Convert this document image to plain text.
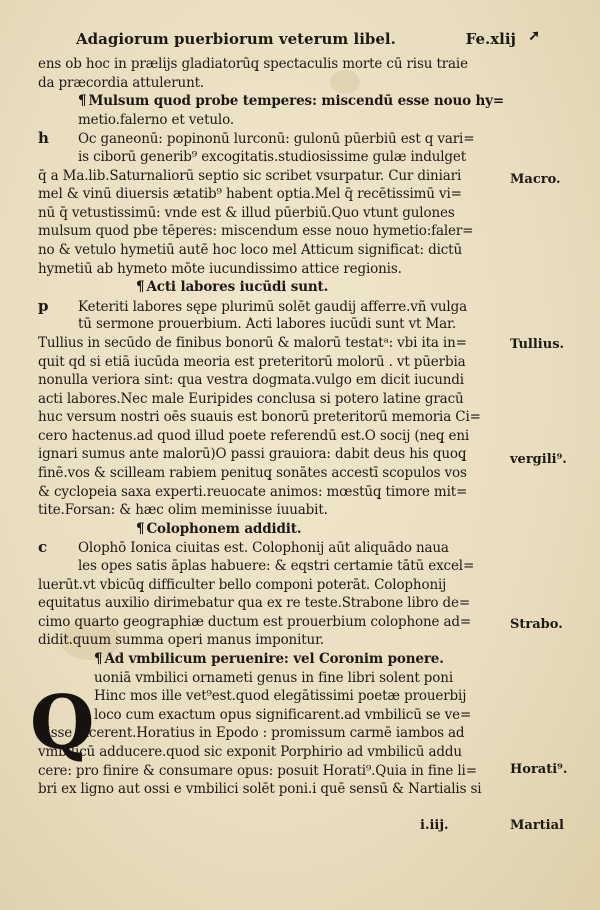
Adagiorum puerbiorum veterum libel.	Fe.xlij ➚
ens ob hoc in prælijs gladiatorūq̧ spectaculis morte cū risu traie
da præcordia attulerunt.
¶ Mulsum quod probe temperes: miscendū esse nouo hy=
metio.falerno et vetulo.
h Oc ganeonū: popinonū lurconū: gulonū pūerbiū est q vari=
is ciborū generib⁹ excogitatis.studiosissime gulæ indulget
q̄ a Ma.lib.Saturnaliorū septio sic scribet vsurpatur. Cur diniari
mel & vinū diuersis ætatib⁹ habent optia.Mel q̄ recētissimū vi=
nū q̄ vetustissimū: vnde est & illud pūerbiū.Quo vtunt gulones
mulsum quod pbe tēperes: miscendum esse nouo hymetio:faler=
no & vetulo hymetiū autē hoc loco mel Atticum significat: dictū
hymetiū ab hymeto mōte iucundissimo attice regionis.
¶ Acti labores iucūdi sunt.
p Keteriti labores sępe plurimū solēt gaudij afferre.vñ vulga
tū sermone prouerbium. Acti labores iucūdi sunt vt Mar.
Tullius in secūdo de finibus bonorū & malorū testatᵃ: vbi ita in=
quit qd si etiā iucūda meoria est preteritorū molorū . vt pūerbia
nonulla veriora sint: qua vestra dogmata.vulgo em dicit iucundi
acti labores.Nec male Euripides conclusa si potero latine gracū
huc versum nostri oēs suauis est bonorū preteritorū memoria Ci=
cero hactenus.ad quod illud poete referendū est.O socij (neq̧ eni
ignari sumus ante malorū)O passi grauiora: dabit deus his quoq̧
finē.vos & scilleam rabiem penituq̧ sonātes accestī scopulos vos
& cyclopeia saxa experti.reuocate animos: mœstūq̧ timore mit=
tite.Forsan: & hæc olim meminisse iuuabit.
¶ Colophonem addidit.
c Olophō Ionica ciuitas est. Colophonij aūt aliquādo naua
les opes satis āplas habuere: & eqstri certamie tātū excel=
luerūt.vt vbicūq̧ difficulter bello componi poterāt. Colophonij
equitatus auxilio dirimebatur qua ex re teste.Strabone libro de=
cimo quarto geographiæ ductum est prouerbium colophone ad=
didit.quum summa operi manus imponitur.
¶ Ad vmbilicum peruenire: vel Coronim ponere.
uoniā vmbilici ornameti genus in fine libri solent poni
Hinc mos ille vet⁹est.quod elegātissimi poetæ prouerbij
loco cum exactum opus significarent.ad vmbilicū se ve=
nisse dicerent.Horatius in Epodo : promissum carmē iambos ad
vmbilicū adducere.quod sic exponit Porphirio ad vmbilicū addu
cere: pro finire & consumare opus: posuit Horati⁹.Quia in fine li=
bri ex ligno aut ossi e vmbilici solēt poni.i quē sensū & Nartialis si
Q
Macro.
Tullius.
vergili⁹.
Strabo.
Horati⁹.
Martial
i.iij.
